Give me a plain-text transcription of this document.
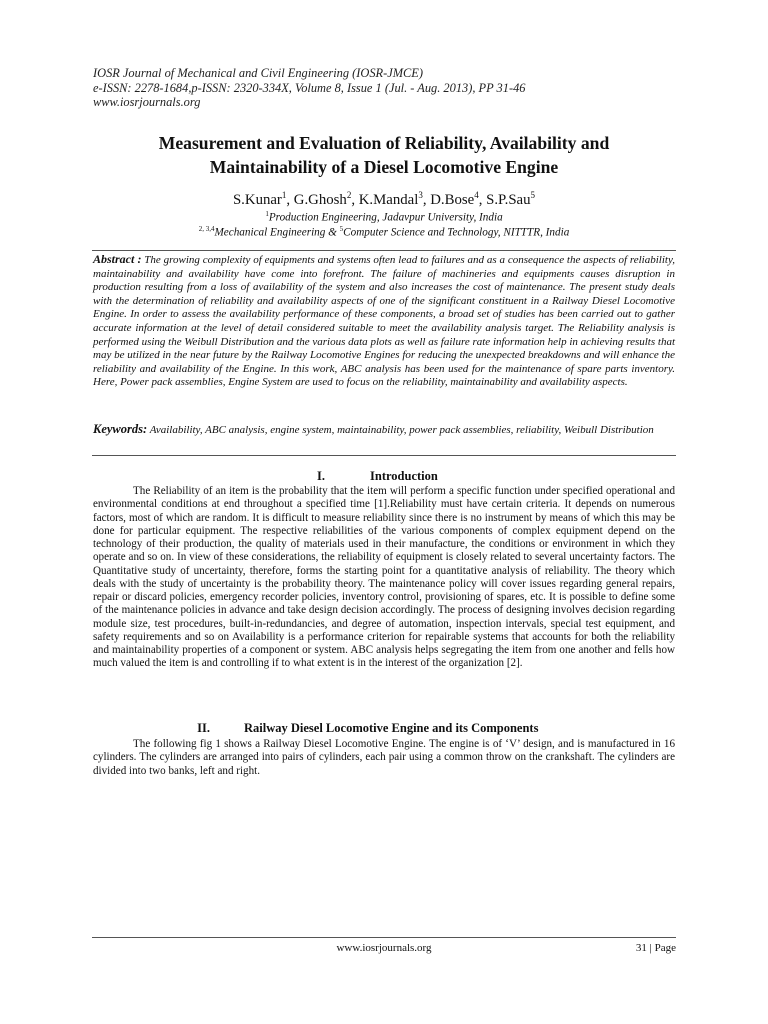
IOSR Journal of Mechanical and Civil Engineering (IOSR-JMCE)
e-ISSN: 2278-1684,p-ISSN: 2320-334X, Volume 8, Issue 1 (Jul. - Aug. 2013), PP 31-46
www.iosrjournals.org
Measurement and Evaluation of Reliability, Availability and
Maintainability of a Diesel Locomotive Engine
S.Kunar$^1$, G.Ghosh$^2$, K.Mandal$^3$, D.Bose$^4$, S.P.Sau$^5$
$^1$Production Engineering, Jadavpur University, India
$^{2, 3,4}$Mechanical Engineering & $^5$Computer Science and Technology, NITTTR, India
Abstract : The growing complexity of equipments and systems often lead to failures and as a consequence the aspects of reliability, maintainability and availability have come into forefront. The failure of machineries and equipments causes disruption in production resulting from a loss of availability of the system and also increases the cost of maintenance. The present study deals with the determination of reliability and availability aspects of one of the significant constituent in a Railway Diesel Locomotive Engine. In order to assess the availability performance of these components, a broad set of studies has been carried out to gather accurate information at the level of detail considered suitable to meet the availability analysis target. The Reliability analysis is performed using the Weibull Distribution and the various data plots as well as failure rate information help in achieving results that may be utilized in the near future by the Railway Locomotive Engines for reducing the unexpected breakdowns and will enhance the reliability and availability of the Engine. In this work, ABC analysis has been used for the maintenance of spare parts inventory. Here, Power pack assemblies, Engine System are used to focus on the reliability, maintainability and availability aspects.
Keywords: Availability, ABC analysis, engine system, maintainability, power pack assemblies, reliability, Weibull Distribution
I.	Introduction
The Reliability of an item is the probability that the item will perform a specific function under specified operational and environmental conditions at end throughout a specified time [1].Reliability must have certain criteria. It depends on numerous factors, most of which are random. It is difficult to measure reliability since there is no instrument by means of which this may be done for particular equipment. The respective reliabilities of the various components of complex equipment depend on the technology of their production, the quality of materials used in their manufacture, the conditions or environment in which they operate and so on. In view of these considerations, the reliability of equipment is closely related to several uncertainty factors. The Quantitative study of uncertainty, therefore, forms the starting point for a quantitative analysis of reliability. The theory which deals with the study of uncertainty is the probability theory. The maintenance policy will cover issues regarding general repairs, repair or discard policies, emergency recorder policies, inventory control, provisioning of spares, etc. It is possible to define some of the maintenance policies in advance and take design decision accordingly. The process of designing involves decision regarding module size, test procedures, built-in-redundancies, and degree of automation, inspection intervals, special test equipment, and safety requirements and so on Availability is a performance criterion for repairable systems that accounts for both the reliability and maintainability properties of a component or system. ABC analysis helps segregating the item from one another and fells how much valued the item is and controlling if to what extent is in the interest of the organization [2].
II.	Railway Diesel Locomotive Engine and its Components
The following fig 1 shows a Railway Diesel Locomotive Engine. The engine is of ‘V’ design, and is manufactured in 16 cylinders. The cylinders are arranged into pairs of cylinders, each pair using a common throw on the crankshaft. The cylinders are divided into two banks, left and right.
www.iosrjournals.org	31 | Page
